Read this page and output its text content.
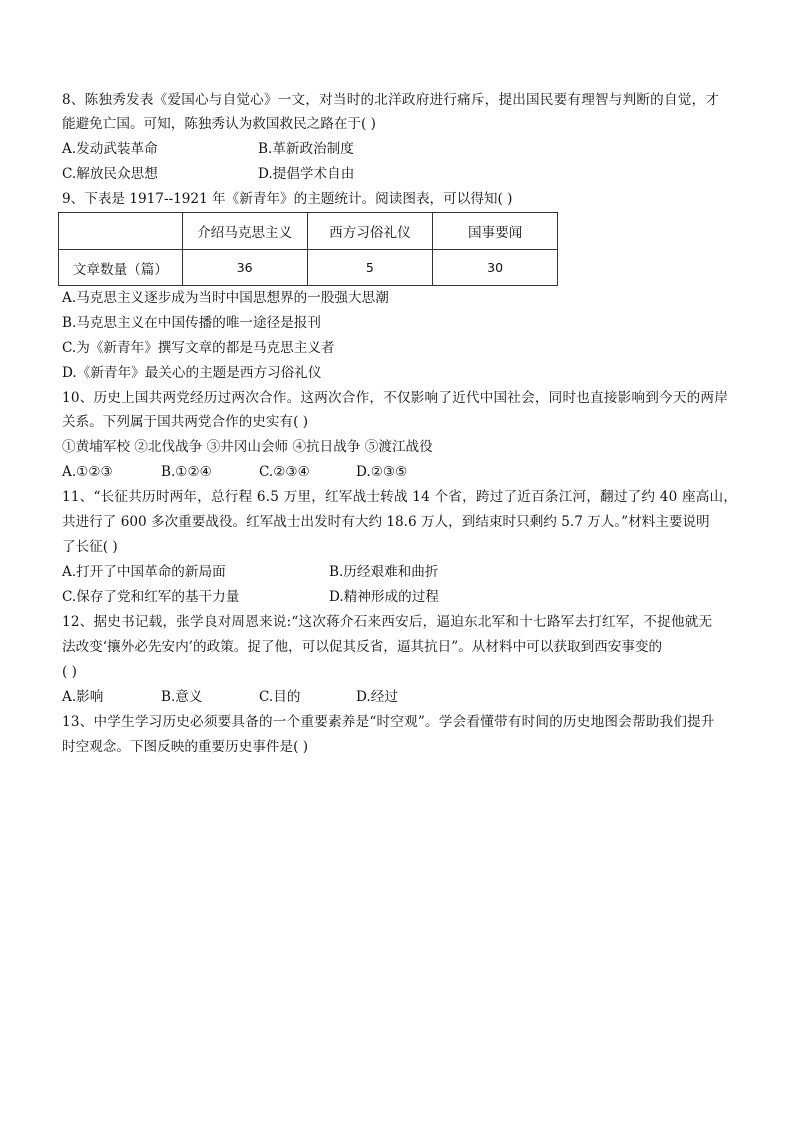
8、陈独秀发表《爱国心与自觉心》一文，对当时的北洋政府进行痛斥，提出国民要有理智与判断的自觉，才
能避免亡国。可知，陈独秀认为救国救民之路在于( )
A.发动武装革命	B.革新政治制度
C.解放民众思想	D.提倡学术自由
9、下表是 1917--1921 年《新青年》的主题统计。阅读图表，可以得知( )
	介绍马克思主义	西方习俗礼仪	国事要闻
文章数量（篇）	36	5	30
A.马克思主义逐步成为当时中国思想界的一股强大思潮
B.马克思主义在中国传播的唯一途径是报刊
C.为《新青年》撰写文章的都是马克思主义者
D.《新青年》最关心的主题是西方习俗礼仪
10、历史上国共两党经历过两次合作。这两次合作，不仅影响了近代中国社会，同时也直接影响到今天的两岸
关系。下列属于国共两党合作的史实有( )
①黄埔军校 ②北伐战争 ③井冈山会师 ④抗日战争 ⑤渡江战役
A.①②③	B.①②④	C.②③④	D.②③⑤
11、“长征共历时两年，总行程 6.5 万里，红军战士转战 14 个省，跨过了近百条江河，翻过了约 40 座高山，
共进行了 600 多次重要战役。红军战士出发时有大约 18.6 万人，到结束时只剩约 5.7 万人。”材料主要说明
了长征( )
A.打开了中国革命的新局面	B.历经艰难和曲折
C.保存了党和红军的基干力量	D.精神形成的过程
12、据史书记载，张学良对周恩来说:“这次蒋介石来西安后，逼迫东北军和十七路军去打红军，不捉他就无
法改变‘攘外必先安内’的政策。捉了他，可以促其反省，逼其抗日”。从材料中可以获取到西安事变的
( )
A.影响	B.意义	C.目的	D.经过
13、中学生学习历史必须要具备的一个重要素养是“时空观”。学会看懂带有时间的历史地图会帮助我们提升
时空观念。下图反映的重要历史事件是( )
